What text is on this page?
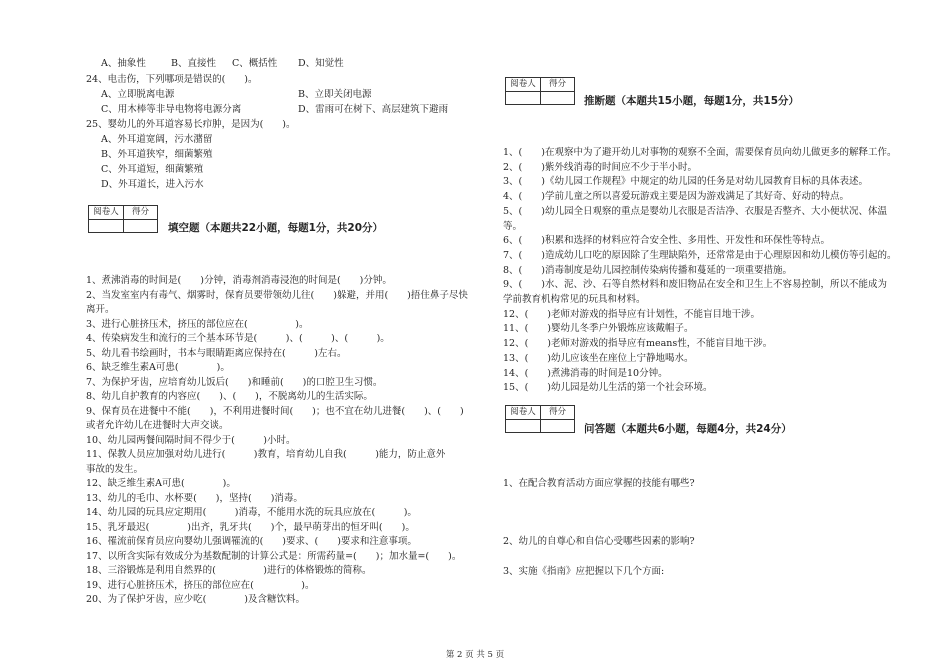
A、抽象性	B、直接性 C、概括性 D、知觉性
24、电击伤，下列哪项是错误的(　　)。
A、立即脱离电源	B、立即关闭电源
C、用木棒等非导电物将电源分离	D、雷雨可在树下、高层建筑下避雨
25、婴幼儿的外耳道容易长疖肿，是因为(　　)。
A、外耳道宽阔，污水潴留
B、外耳道狭窄，细菌繁殖
C、外耳道短，细菌繁殖
D、外耳道长，进入污水
阅卷人	得分
填空题（本题共22小题，每题1分，共20分）
1、煮沸消毒的时间是(　　)分钟，消毒剂消毒浸泡的时间是(　　)分钟。
2、当发室室内有毒气、烟雾时，保育员要带领幼儿往(　　)躲避，并用(　　)捂住鼻子尽快
离开。
3、进行心脏挤压术，挤压的部位应在(　　　　　)。
4、传染病发生和流行的三个基本环节是(　　　)、(　　　)、(　　　)。
5、幼儿看书绘画时，书本与眼睛距离应保持在(　　　)左右。
6、缺乏维生素A可患(　　　　)。
7、为保护牙齿，应培育幼儿饭后(　　)和睡前(　　)的口腔卫生习惯。
8、幼儿自护教育的内容应(　　)、(　　)，不脱离幼儿的生活实际。
9、保育员在进餐中不能(　　)，不利用进餐时间(　　)；也不宜在幼儿进餐(　　)、(　　)
或者允许幼儿在进餐时大声交谈。
10、幼儿园两餐间隔时间不得少于(　　　)小时。
11、保教人员应加强对幼儿进行(　　　)教育，培育幼儿自我(　　　)能力，防止意外
事故的发生。
12、缺乏维生素A可患(　　　　)。
13、幼儿的毛巾、水杯要(　　)，坚持(　　)消毒。
14、幼儿园的玩具应定期用(　　　)消毒，不能用水洗的玩具应放在(　　　)。
15、乳牙最迟(　　　　)出齐，乳牙共(　　)个，最早萌芽出的恒牙叫(　　)。
16、罹流前保育员应向婴幼儿强调罹流的(　　)要求、(　　)要求和注意事项。
17、以所含实际有效成分为基数配制的计算公式是：所需药量=(　　)；加水量=(　　)。
18、三浴锻炼是利用自然界的(　　　　　)进行的体格锻炼的简称。
19、进行心脏挤压术，挤压的部位应在(　　　　　)。
20、为了保护牙齿，应少吃(　　　　)及含糖饮料。
阅卷人	得分
推断题（本题共15小题，每题1分，共15分）
1、(　　)在观察中为了避开幼儿对事物的观察不全面，需要保育员向幼儿做更多的解释工作。
2、(　　)紫外线消毒的时间应不少于半小时。
3、(　　)《幼儿园工作规程》中规定的幼儿园的任务是对幼儿园教育目标的具体表述。
4、(　　)学前儿童之所以喜爱玩游戏主要是因为游戏满足了其好奇、好动的特点。
5、(　　)幼儿园全日观察的重点是婴幼儿衣服是否洁净、衣服是否整齐、大小便状况、体温
等。
6、(　　)积累和选择的材料应符合安全性、多用性、开发性和环保性等特点。
7、(　　)造成幼儿口吃的原因除了生理缺陷外，还常常是由于心理原因和幼儿模仿等引起的。
8、(　　)消毒制度是幼儿园控制传染病传播和蔓延的一项重要措施。
9、(　　)水、泥、沙、石等自然材料和废旧物品在安全和卫生上不容易控制，所以不能成为
学前教育机构常见的玩具和材料。
12、(　　)老师对游戏的指导应有计划性，不能盲目地干涉。
11、(　　)婴幼儿冬季户外锻炼应该戴帽子。
12、(　　)老师对游戏的指导应有means性，不能盲目地干涉。
13、(　　)幼儿应该坐在座位上宁静地喝水。
14、(　　)煮沸消毒的时间是10分钟。
15、(　　)幼儿园是幼儿生活的第一个社会环境。
阅卷人	得分
问答题（本题共6小题，每题4分，共24分）
1、在配合教育活动方面应掌握的技能有哪些?
2、幼儿的自尊心和自信心受哪些因素的影响?
3、实施《指南》应把握以下几个方面:
第 2 页 共 5 页
